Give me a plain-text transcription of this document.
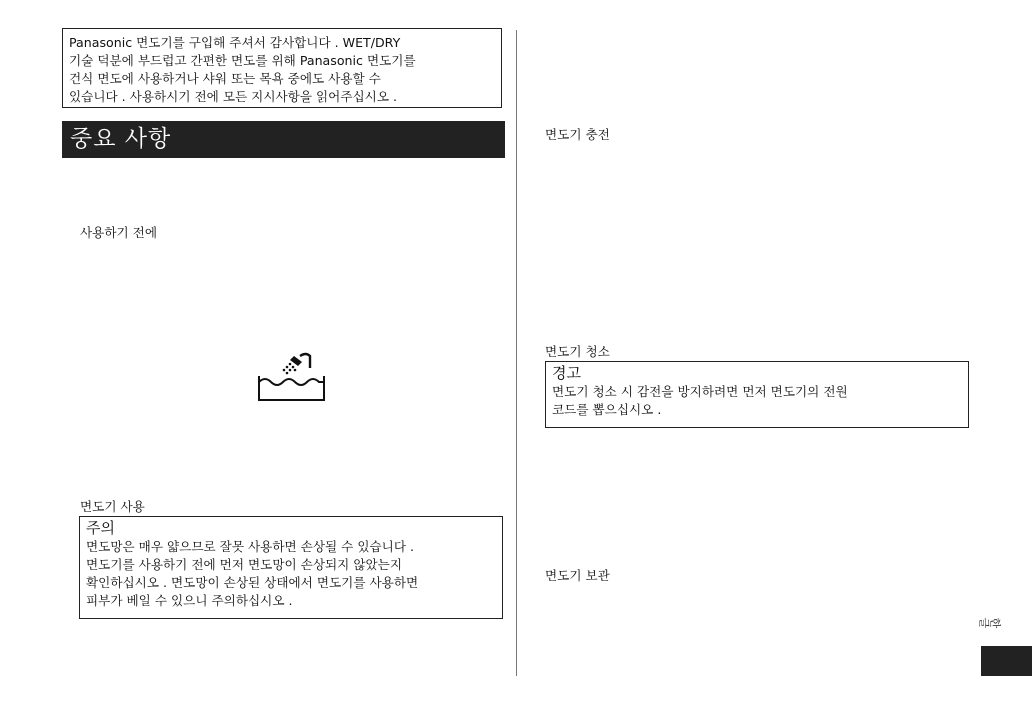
Panasonic 면도기를 구입해 주셔서 감사합니다 . WET/DRY
기술 덕분에 부드럽고 간편한 면도를 위해 Panasonic 면도기를
건식 면도에 사용하거나 샤워 또는 목욕 중에도 사용할 수
있습니다 . 사용하시기 전에 모든 지시사항을 읽어주십시오 .
중요 사항
사용하기 전에
면도기 사용
주의
면도망은 매우 얇으므로 잘못 사용하면 손상될 수 있습니다 .
면도기를 사용하기 전에 먼저 면도망이 손상되지 않았는지
확인하십시오 . 면도망이 손상된 상태에서 면도기를 사용하면
피부가 베일 수 있으니 주의하십시오 .
면도기 충전
면도기 청소
경고
면도기 청소 시 감전을 방지하려면 먼저 면도기의 전원
코드를 뽑으십시오 .
면도기 보관
한글
